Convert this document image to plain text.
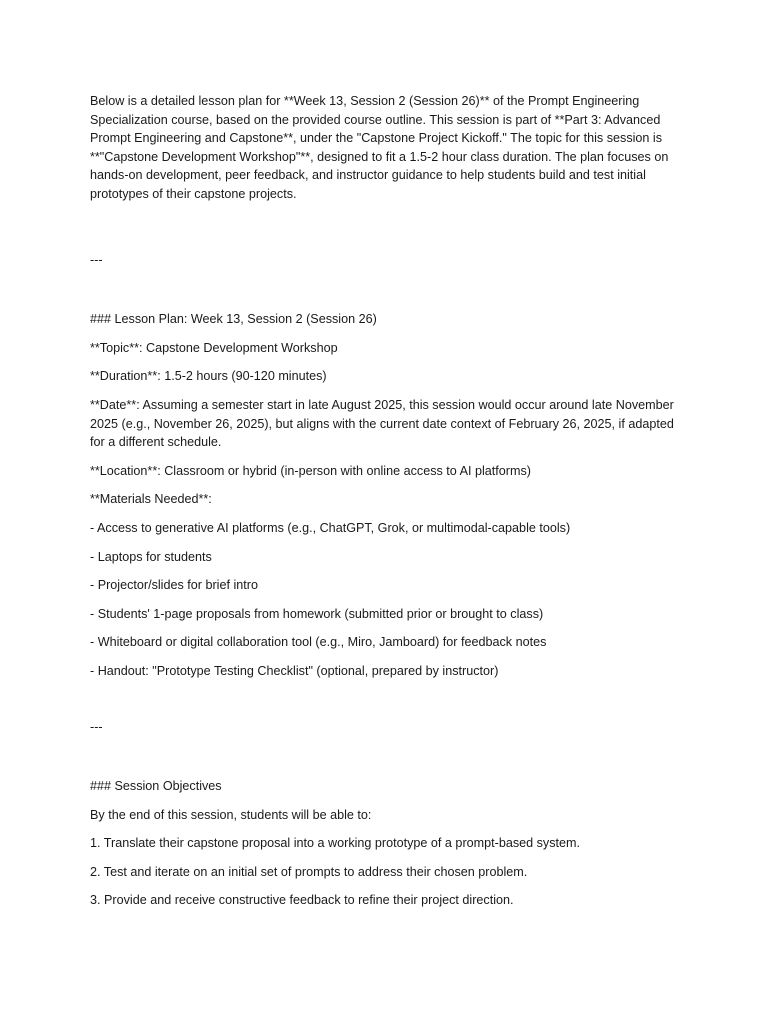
Below is a detailed lesson plan for **Week 13, Session 2 (Session 26)** of the Prompt Engineering Specialization course, based on the provided course outline. This session is part of **Part 3: Advanced Prompt Engineering and Capstone**, under the "Capstone Project Kickoff." The topic for this session is **"Capstone Development Workshop"**, designed to fit a 1.5-2 hour class duration. The plan focuses on hands-on development, peer feedback, and instructor guidance to help students build and test initial prototypes of their capstone projects.

---

### Lesson Plan: Week 13, Session 2 (Session 26)

**Topic**: Capstone Development Workshop

**Duration**: 1.5-2 hours (90-120 minutes)

**Date**: Assuming a semester start in late August 2025, this session would occur around late November 2025 (e.g., November 26, 2025), but aligns with the current date context of February 26, 2025, if adapted for a different schedule.

**Location**: Classroom or hybrid (in-person with online access to AI platforms)

**Materials Needed**:

- Access to generative AI platforms (e.g., ChatGPT, Grok, or multimodal-capable tools)

- Laptops for students

- Projector/slides for brief intro

- Students' 1-page proposals from homework (submitted prior or brought to class)

- Whiteboard or digital collaboration tool (e.g., Miro, Jamboard) for feedback notes

- Handout: "Prototype Testing Checklist" (optional, prepared by instructor)

---

### Session Objectives

By the end of this session, students will be able to:

1. Translate their capstone proposal into a working prototype of a prompt-based system.

2. Test and iterate on an initial set of prompts to address their chosen problem.

3. Provide and receive constructive feedback to refine their project direction.
